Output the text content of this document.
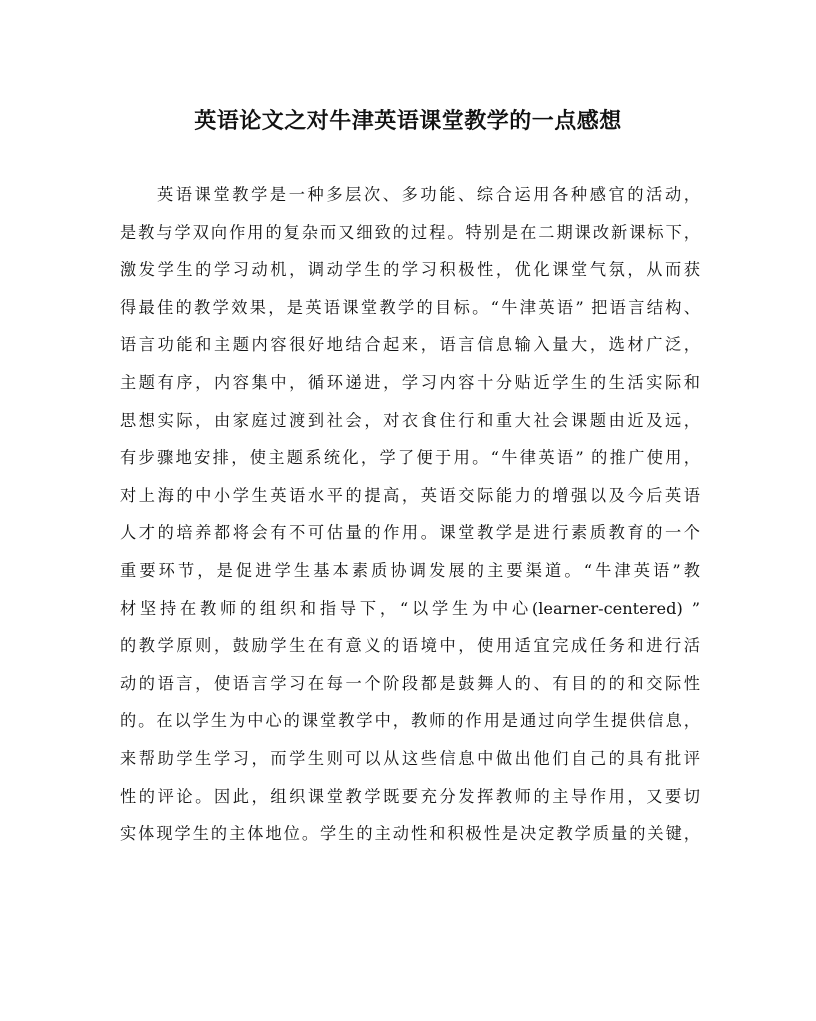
英语论文之对牛津英语课堂教学的一点感想
英语课堂教学是一种多层次、多功能、综合运用各种感官的活动，
是教与学双向作用的复杂而又细致的过程。特别是在二期课改新课标下，
激发学生的学习动机，调动学生的学习积极性，优化课堂气氛，从而获
得最佳的教学效果，是英语课堂教学的目标。“牛津英语” 把语言结构、
语言功能和主题内容很好地结合起来，语言信息输入量大，选材广泛，
主题有序，内容集中，循环递进，学习内容十分贴近学生的生活实际和
思想实际，由家庭过渡到社会，对衣食住行和重大社会课题由近及远，
有步骤地安排，使主题系统化，学了便于用。“牛律英语” 的推广使用，
对上海的中小学生英语水平的提高，英语交际能力的增强以及今后英语
人才的培养都将会有不可估量的作用。课堂教学是进行素质教育的一个
重要环节，是促进学生基本素质协调发展的主要渠道。“牛津英语”教
材坚持在教师的组织和指导下，“以学生为中心(learner-centered) ”
的教学原则，鼓励学生在有意义的语境中，使用适宜完成任务和进行活
动的语言，使语言学习在每一个阶段都是鼓舞人的、有目的的和交际性
的。在以学生为中心的课堂教学中，教师的作用是通过向学生提供信息，
来帮助学生学习，而学生则可以从这些信息中做出他们自己的具有批评
性的评论。因此，组织课堂教学既要充分发挥教师的主导作用，又要切
实体现学生的主体地位。学生的主动性和积极性是决定教学质量的关键，
